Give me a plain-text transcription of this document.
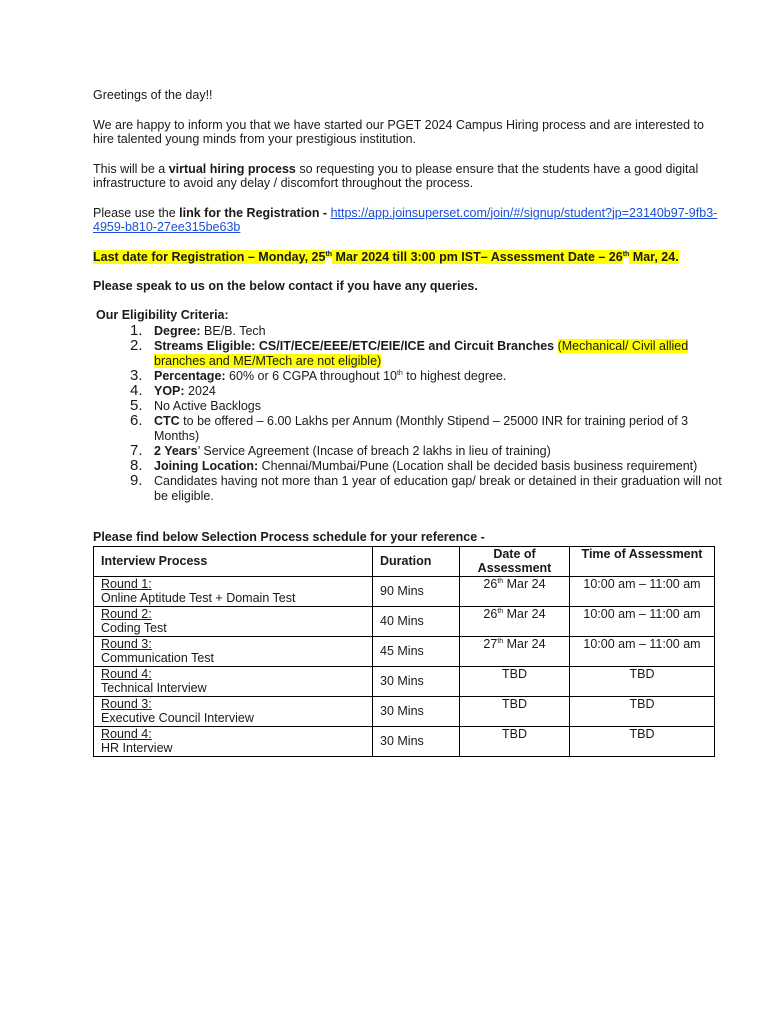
Greetings of the day!!

We are happy to inform you that we have started our PGET 2024 Campus Hiring process and are interested to hire talented young minds from your prestigious institution.

This will be a virtual hiring process so requesting you to please ensure that the students have a good digital infrastructure to avoid any delay / discomfort throughout the process.

Please use the link for the Registration - https://app.joinsuperset.com/join/#/signup/student?jp=23140b97-9fb3-4959-b810-27ee315be63b

Last date for Registration – Monday, 25th Mar 2024 till 3:00 pm IST– Assessment Date – 26th Mar, 24.

Please speak to us on the below contact if you have any queries.

Our Eligibility Criteria:

1. Degree: BE/B. Tech
2. Streams Eligible: CS/IT/ECE/EEE/ETC/EIE/ICE and Circuit Branches (Mechanical/ Civil allied branches and ME/MTech are not eligible)
3. Percentage: 60% or 6 CGPA throughout 10th to highest degree.
4. YOP: 2024
5. No Active Backlogs
6. CTC to be offered – 6.00 Lakhs per Annum (Monthly Stipend – 25000 INR for training period of 3 Months)
7. 2 Years’ Service Agreement (Incase of breach 2 lakhs in lieu of training)
8. Joining Location: Chennai/Mumbai/Pune (Location shall be decided basis business requirement)
9. Candidates having not more than 1 year of education gap/ break or detained in their graduation will not be eligible.

Please find below Selection Process schedule for your reference -

Interview Process	Duration	Date of Assessment	Time of Assessment

Round 1:
Online Aptitude Test + Domain Test	90 Mins	26th Mar 24	10:00 am – 11:00 am

Round 2:
Coding Test	40 Mins	26th Mar 24	10:00 am – 11:00 am

Round 3:
Communication Test	45 Mins	27th Mar 24	10:00 am – 11:00 am

Round 4:
Technical Interview	30 Mins	TBD	TBD

Round 3:
Executive Council Interview	30 Mins	TBD	TBD

Round 4:
HR Interview	30 Mins	TBD	TBD
